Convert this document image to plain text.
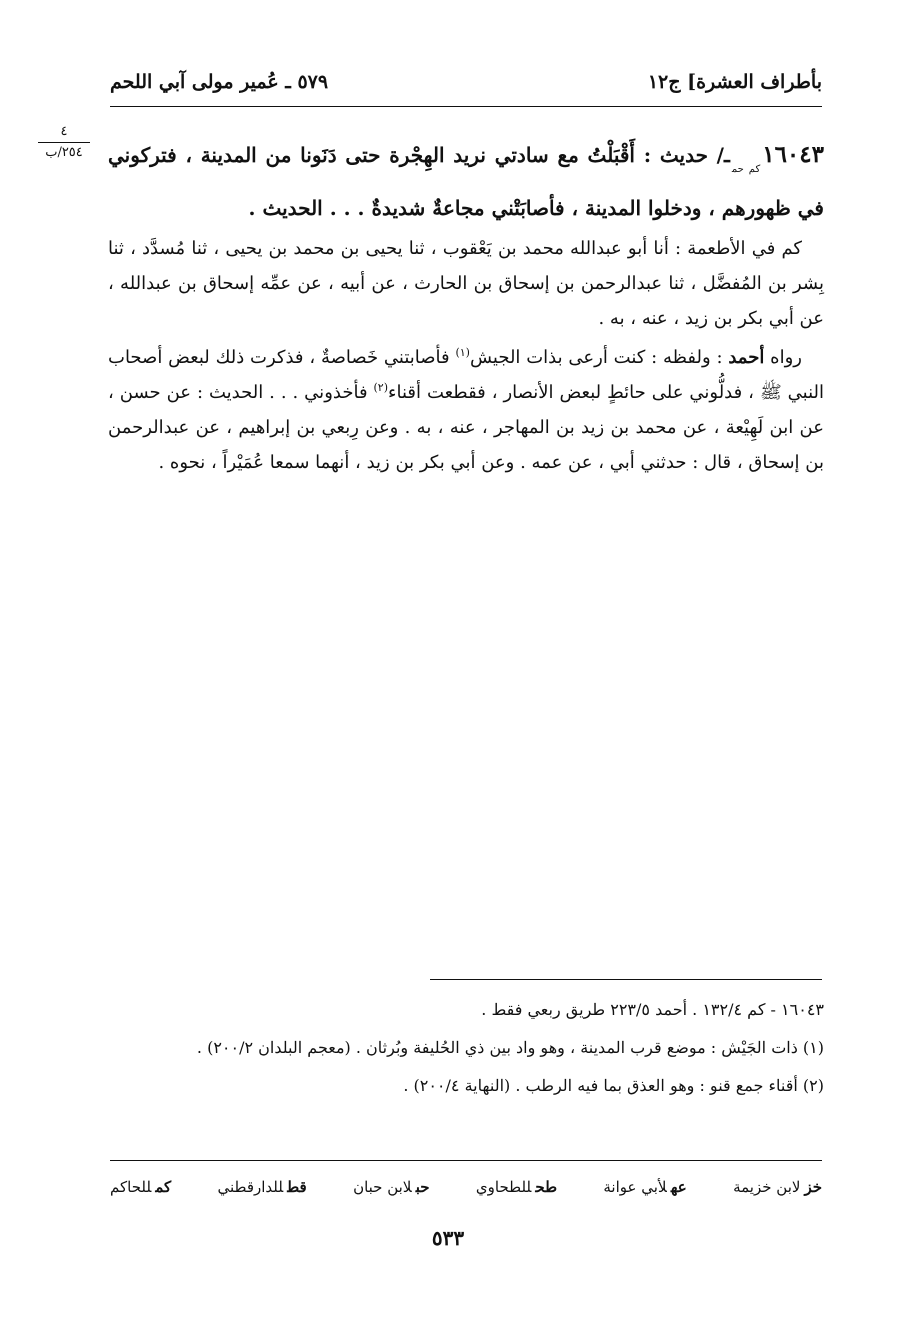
بأطراف العشرة] ج١٢
٥٧٩ ـ عُمير مولى آبي اللحم
٤
٢٥٤/ب	$١٦٠٤٣_{كم حم}ـ/$ حديث : أَقْبَلْتُ مع سادتي نريد الهِجْرة حتى دَنَونا من المدينة ، فتركوني في ظهورهم ، ودخلوا المدينة ، فأصابَتْني مجاعةٌ شديدةٌ . . . الحديث .

كم في الأطعمة : أنا أبو عبدالله محمد بن يَعْقوب ، ثنا يحيى بن محمد بن يحيى ، ثنا مُسدَّد ، ثنا بِشر بن المُفضَّل ، ثنا عبدالرحمن بن إسحاق بن الحارث ، عن أبيه ، عن عمِّه إسحاق بن عبدالله ، عن أبي بكر بن زيد ، عنه ، به .

رواه أحمد : ولفظه : كنت أرعى بذات الجيش$^{(١)}$ فأصابتني خَصاصةٌ ، فذكرت ذلك لبعض أصحاب النبي ﷺ ، فدلُّوني على حائطٍ لبعض الأنصار ، فقطعت أقناء$^{(٢)}$ فأخذوني . . . الحديث : عن حسن ، عن ابن لَهِيْعة ، عن محمد بن زيد بن المهاجر ، عنه ، به . وعن رِبعي بن إبراهيم ، عن عبدالرحمن بن إسحاق ، قال : حدثني أبي ، عن عمه . وعن أبي بكر بن زيد ، أنهما سمعا عُمَيْراً ، نحوه .

١٦٠٤٣ - كم ١٣٢/٤ . أحمد ٢٢٣/٥ طريق ربعي فقط .

(١) ذات الجَيْش : موضع قرب المدينة ، وهو واد بين ذي الحُليفة وبُرثان . (معجم البلدان ٢٠٠/٢) .

(٢) أقناء جمع قنو : وهو العذق بما فيه الرطب . (النهاية ٢٠٠/٤) .

خزلابن خزيمة
عهلأبي عوانة
طحللطحاوي
حبلابن حبان
قطللدارقطني
كمللحاكم
٥٣٣
